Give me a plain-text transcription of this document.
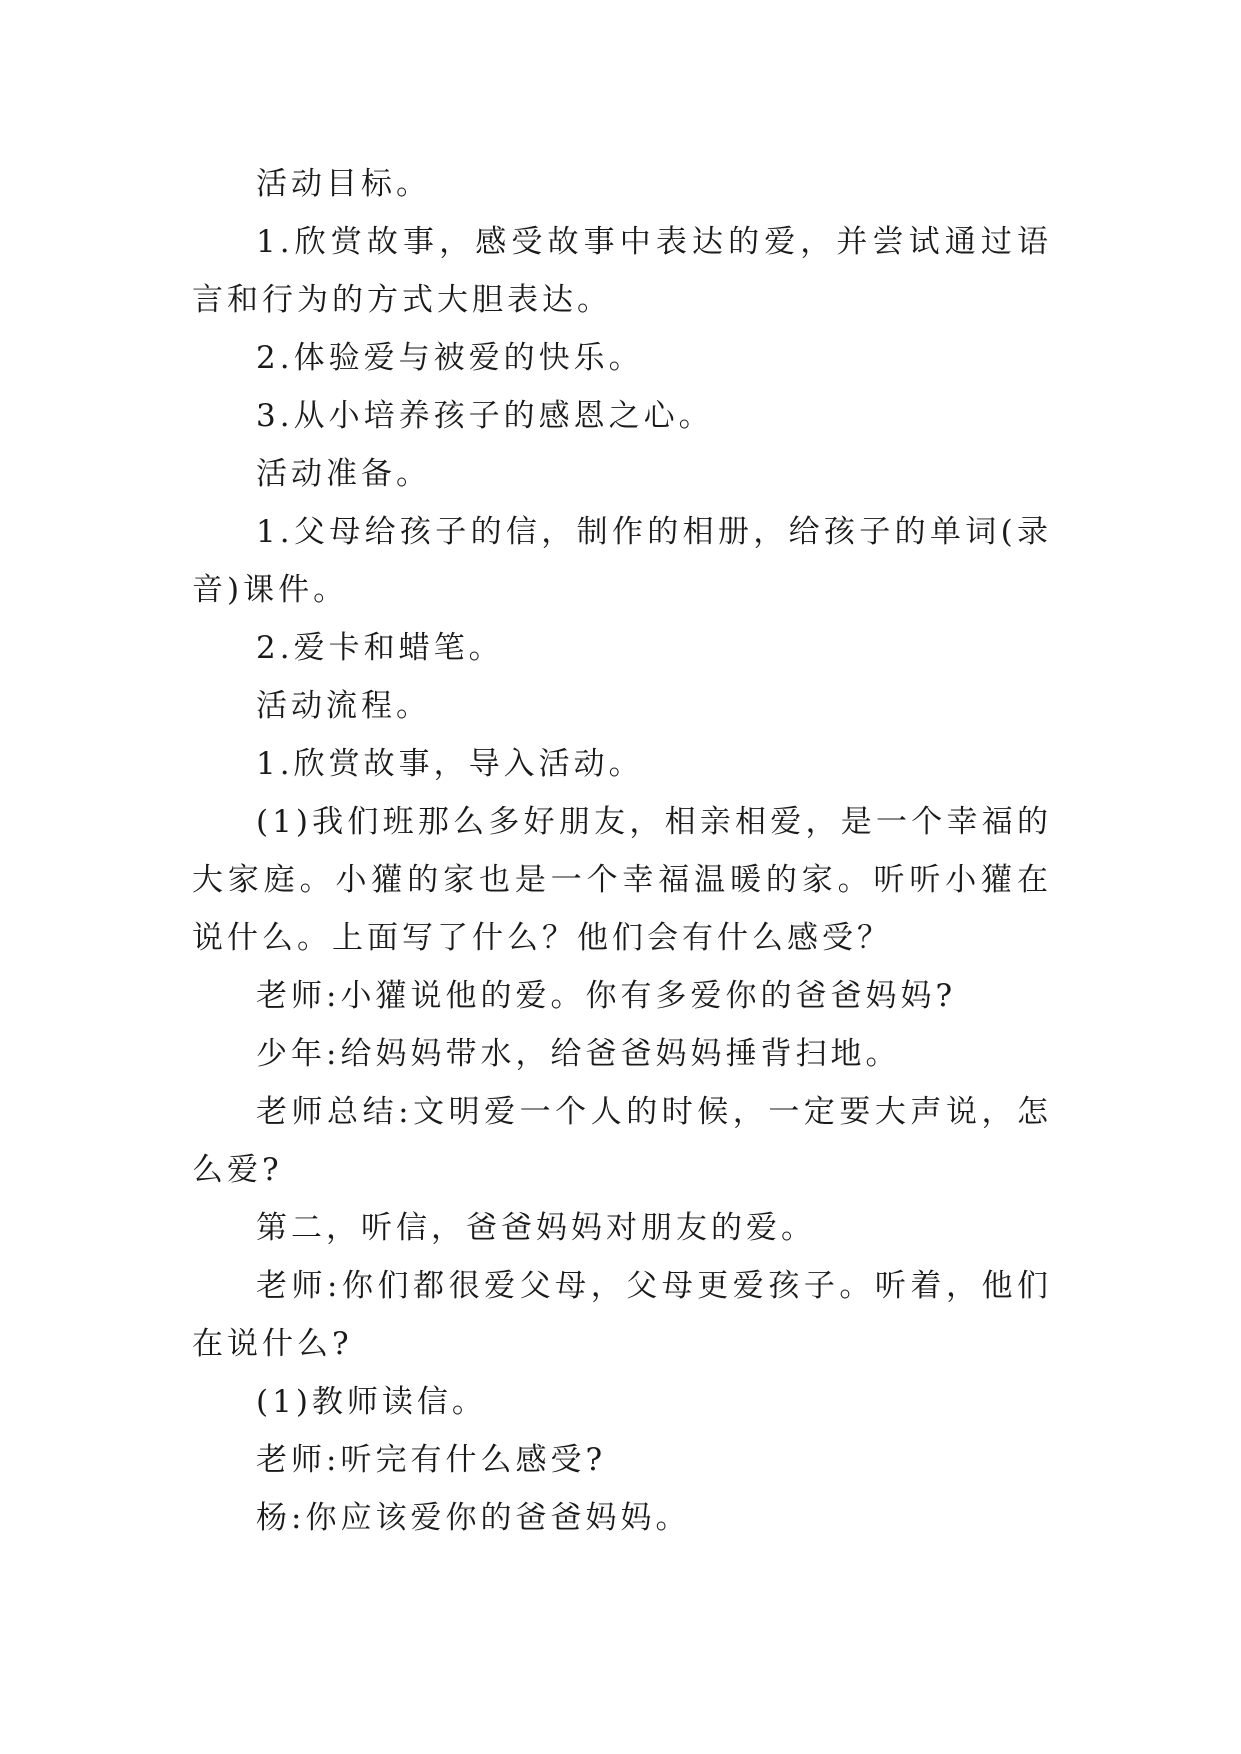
活动目标。

1.欣赏故事，感受故事中表达的爱，并尝试通过语言和行为的方式大胆表达。

2.体验爱与被爱的快乐。

3.从小培养孩子的感恩之心。

活动准备。

1.父母给孩子的信，制作的相册，给孩子的单词(录音)课件。

2.爱卡和蜡笔。

活动流程。

1.欣赏故事，导入活动。

(1)我们班那么多好朋友，相亲相爱，是一个幸福的大家庭。小獾的家也是一个幸福温暖的家。听听小獾在说什么。上面写了什么？他们会有什么感受？

老师:小獾说他的爱。你有多爱你的爸爸妈妈?

少年:给妈妈带水，给爸爸妈妈捶背扫地。

老师总结:文明爱一个人的时候，一定要大声说，怎么爱?

第二，听信，爸爸妈妈对朋友的爱。

老师:你们都很爱父母，父母更爱孩子。听着，他们在说什么?

(1)教师读信。

老师:听完有什么感受?

杨:你应该爱你的爸爸妈妈。
